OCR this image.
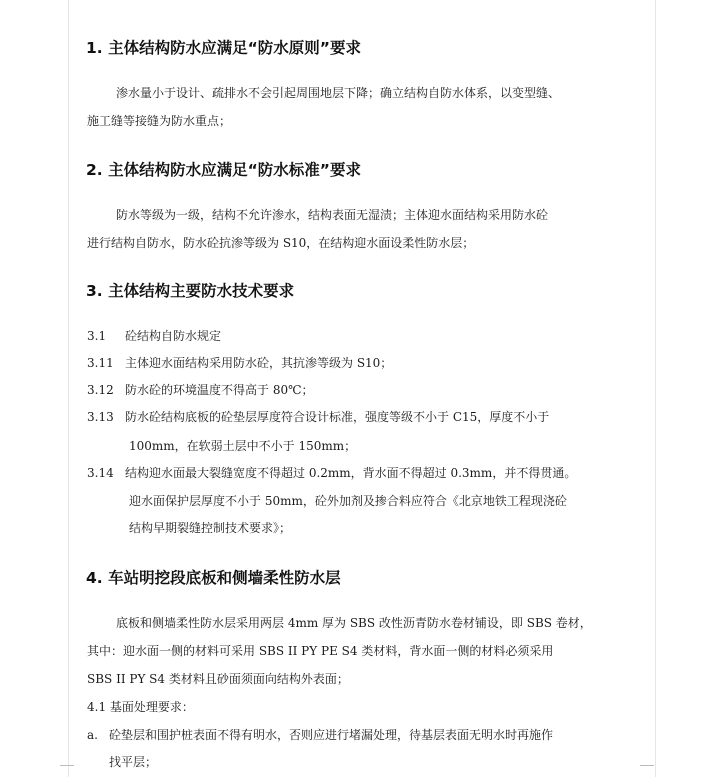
1. 主体结构防水应满足“防水原则”要求
渗水量小于设计、疏排水不会引起周围地层下降；确立结构自防水体系，以变型缝、
施工缝等接缝为防水重点；
2. 主体结构防水应满足“防水标准”要求
防水等级为一级，结构不允许渗水，结构表面无湿渍；主体迎水面结构采用防水砼
进行结构自防水，防水砼抗渗等级为 S10，在结构迎水面设柔性防水层；
3. 主体结构主要防水技术要求
3.1 砼结构自防水规定
3.11 主体迎水面结构采用防水砼，其抗渗等级为 S10；
3.12 防水砼的环境温度不得高于 80℃；
3.13 防水砼结构底板的砼垫层厚度符合设计标准，强度等级不小于 C15，厚度不小于
100mm，在软弱土层中不小于 150mm；
3.14 结构迎水面最大裂缝宽度不得超过 0.2mm，背水面不得超过 0.3mm，并不得贯通。
迎水面保护层厚度不小于 50mm，砼外加剂及掺合料应符合《北京地铁工程现浇砼
结构早期裂缝控制技术要求》；
4. 车站明挖段底板和侧墙柔性防水层
底板和侧墙柔性防水层采用两层 4mm 厚为 SBS 改性沥青防水卷材铺设，即 SBS 卷材，
其中：迎水面一侧的材料可采用 SBS II PY PE S4 类材料，背水面一侧的材料必须采用
SBS II PY S4 类材料且砂面须面向结构外表面；
4.1 基面处理要求：
a. 砼垫层和围护桩表面不得有明水，否则应进行堵漏处理，待基层表面无明水时再施作
找平层；
